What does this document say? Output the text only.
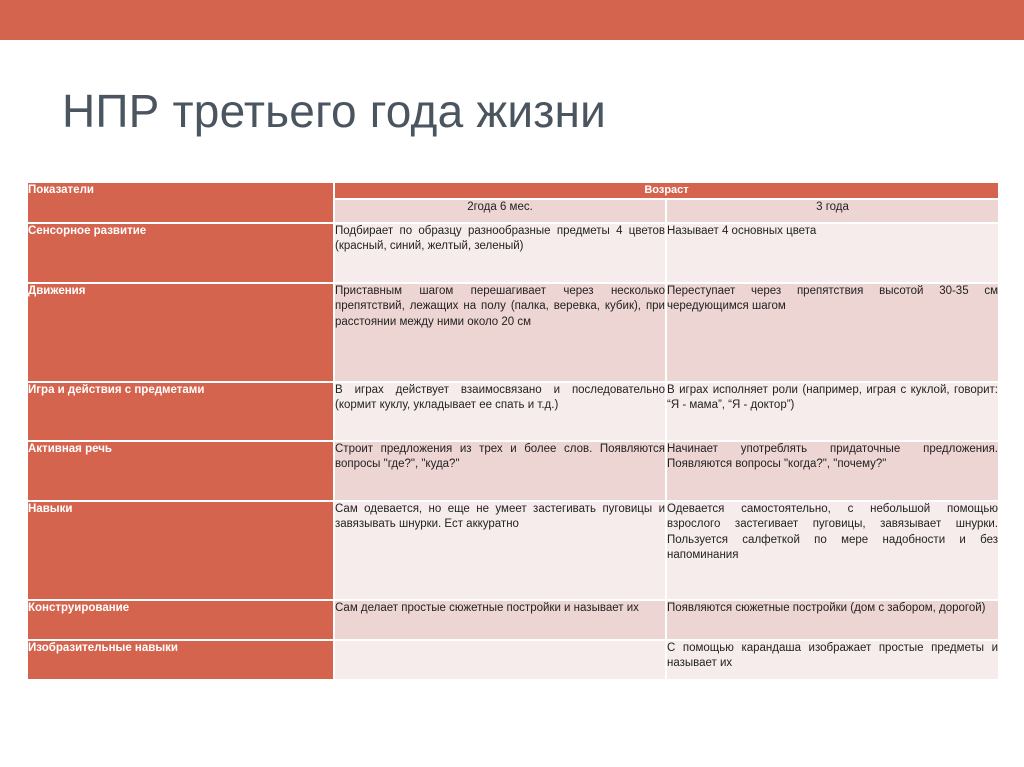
НПР третьего года жизни
Показатели	Возраст	
	2года 6 мес.	3 года
Сенсорное развитие	Подбирает по образцу разнообразные предметы 4 цветов (красный, синий, желтый, зеленый)	Называет 4 основных цвета
Движения	Приставным шагом перешагивает через несколько препятствий, лежащих на полу (палка, веревка, кубик), при расстоянии между ними около 20 см	Переступает через препятствия высотой 30-35 см чередующимся шагом
Игра и действия с предметами	В играх действует взаимосвязано и последовательно (кормит куклу, укладывает ее спать и т.д.)	В играх исполняет роли (например, играя с куклой, говорит: “Я - мама”, “Я - доктор”)
Активная речь	Строит предложения из трех и более слов. Появляются вопросы "где?", "куда?"	Начинает употреблять придаточные предложения. Появляются вопросы "когда?", "почему?"
Навыки	Сам одевается, но еще не умеет застегивать пуговицы и завязывать шнурки. Ест аккуратно	Одевается самостоятельно, с небольшой помощью взрослого застегивает пуговицы, завязывает шнурки. Пользуется салфеткой по мере надобности и без напоминания
Конструирование	Сам делает простые сюжетные постройки и называет их	Появляются сюжетные постройки (дом с забором, дорогой)
Изобразительные навыки		С помощью карандаша изображает простые предметы и называет их
